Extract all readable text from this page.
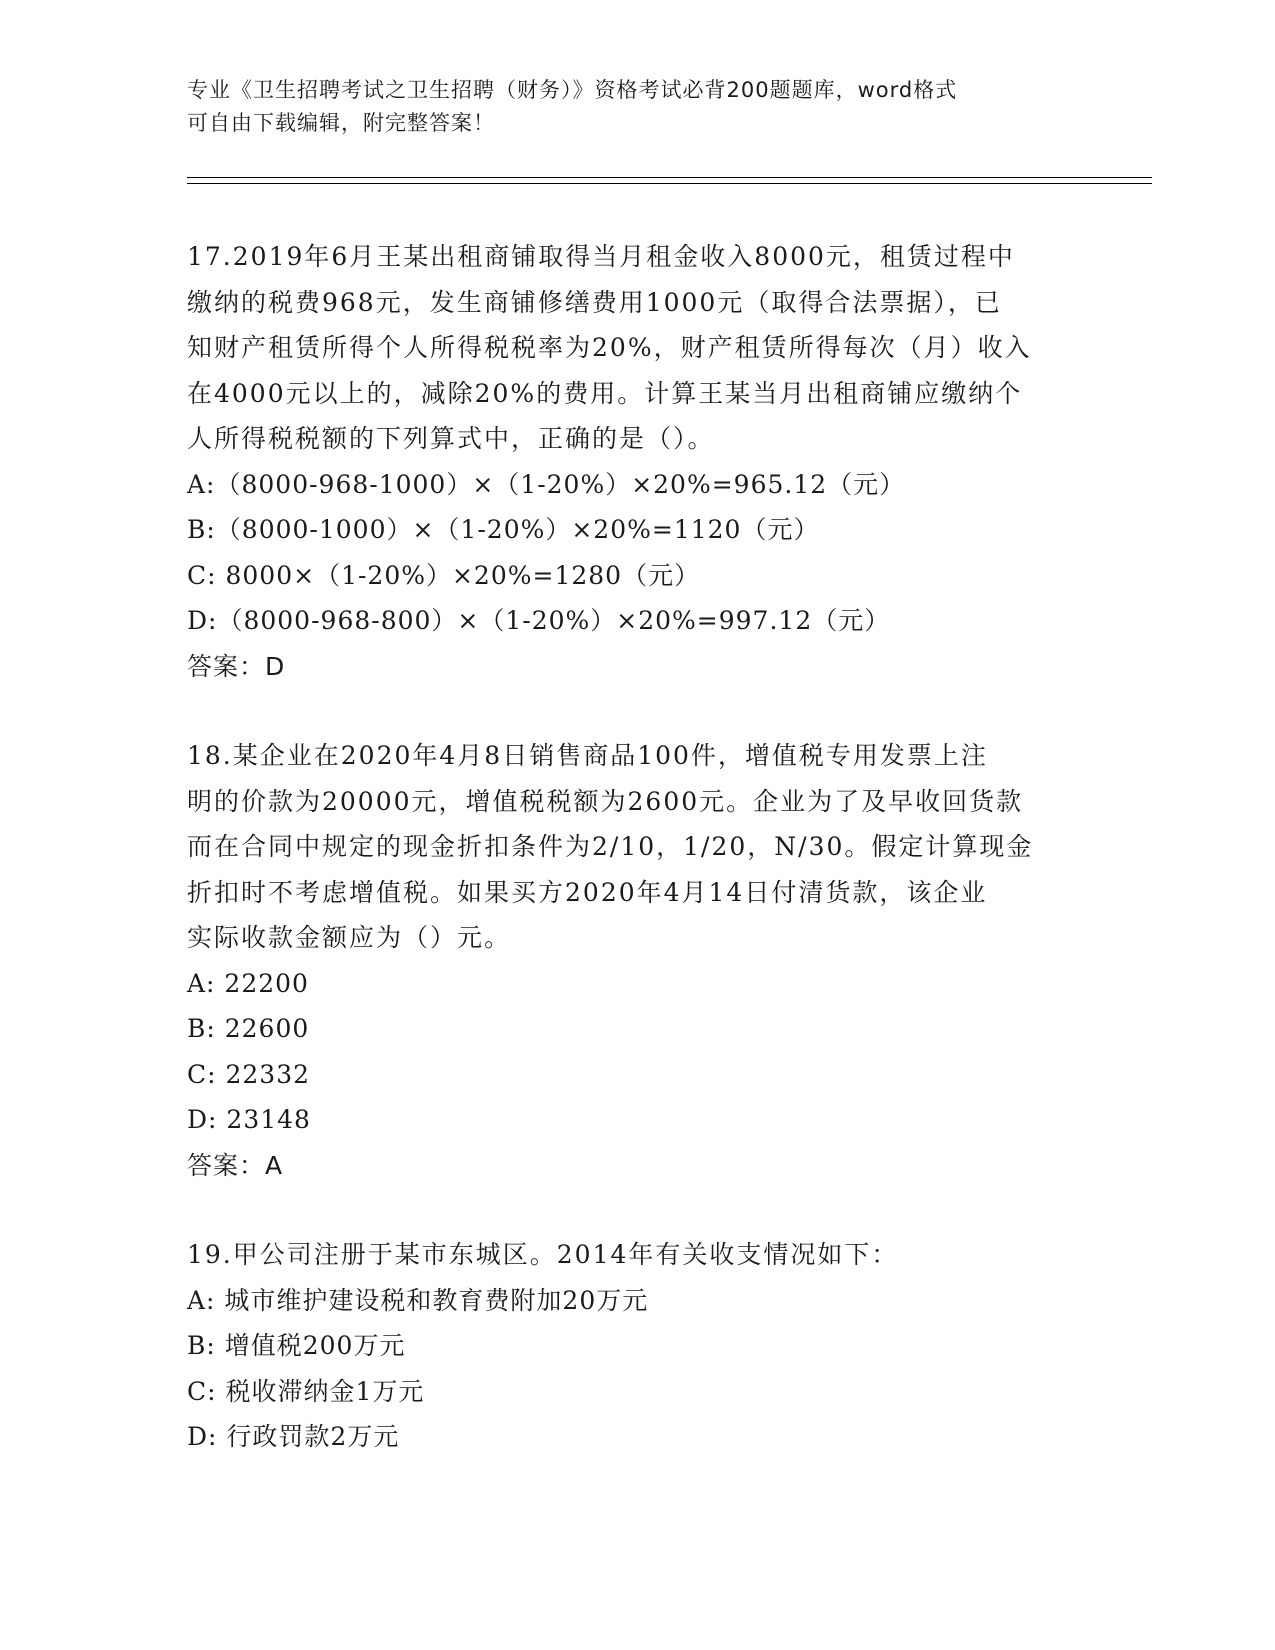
专业《卫生招聘考试之卫生招聘（财务）》资格考试必背200题题库，word格式
可自由下载编辑，附完整答案！
17.2019年6月王某出租商铺取得当月租金收入8000元，租赁过程中
缴纳的税费968元，发生商铺修缮费用1000元（取得合法票据），已
知财产租赁所得个人所得税税率为20%，财产租赁所得每次（月）收入
在4000元以上的，减除20%的费用。计算王某当月出租商铺应缴纳个
人所得税税额的下列算式中，正确的是（）。
A:（8000-968-1000）×（1-20%）×20%=965.12（元）
B:（8000-1000）×（1-20%）×20%=1120（元）
C: 8000×（1-20%）×20%=1280（元）
D:（8000-968-800）×（1-20%）×20%=997.12（元）
答案：D
18.某企业在2020年4月8日销售商品100件，增值税专用发票上注
明的价款为20000元，增值税税额为2600元。企业为了及早收回货款
而在合同中规定的现金折扣条件为2/10，1/20，N/30。假定计算现金
折扣时不考虑增值税。如果买方2020年4月14日付清货款，该企业
实际收款金额应为（）元。
A: 22200
B: 22600
C: 22332
D: 23148
答案：A
19.甲公司注册于某市东城区。2014年有关收支情况如下：
A: 城市维护建设税和教育费附加20万元
B: 增值税200万元
C: 税收滞纳金1万元
D: 行政罚款2万元
